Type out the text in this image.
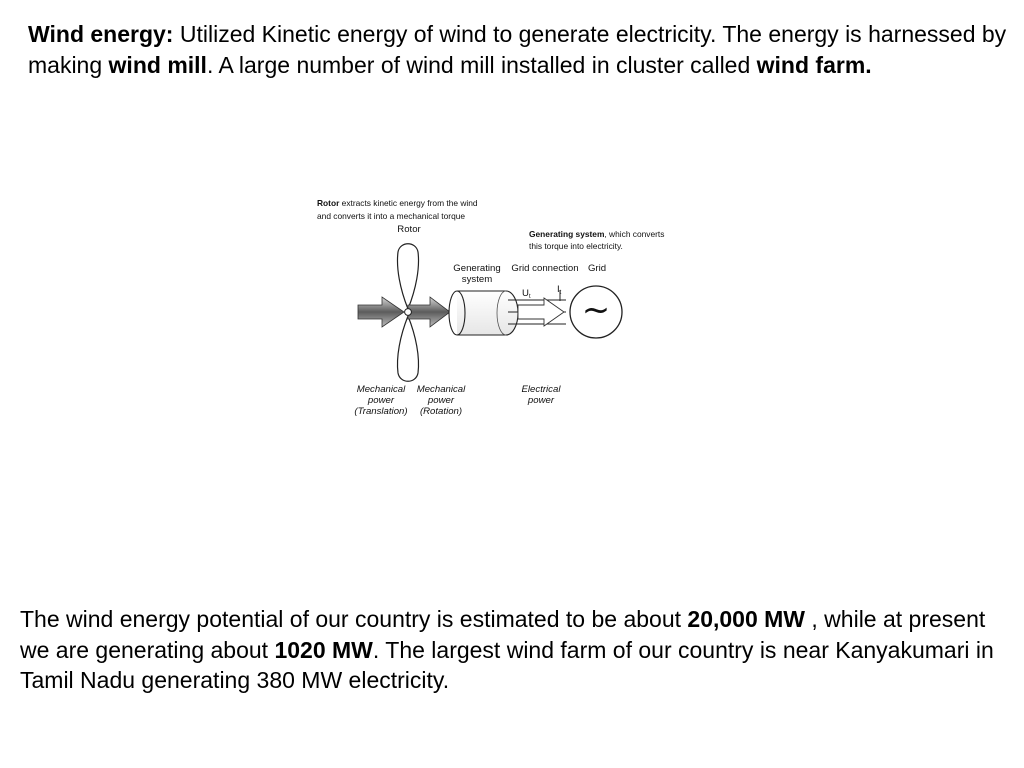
Wind energy: Utilized Kinetic energy of wind to generate electricity. The energy is harnessed by making wind mill. A large number of wind mill installed in cluster called wind farm.

Rotor extracts kinetic energy from the wind
and converts it into a mechanical torque
Generating system, which converts
this torque into electricity.
Rotor
Generating
system
Grid connection Grid
$U_t$
$I_t$ ~
Mechanical
power
(Translation)
Mechanical
power
(Rotation)
Electrical
power

The wind energy potential of our country is estimated to be about 20,000 MW , while at present we are generating about 1020 MW. The largest wind farm of our country is near Kanyakumari in Tamil Nadu generating 380 MW electricity.
